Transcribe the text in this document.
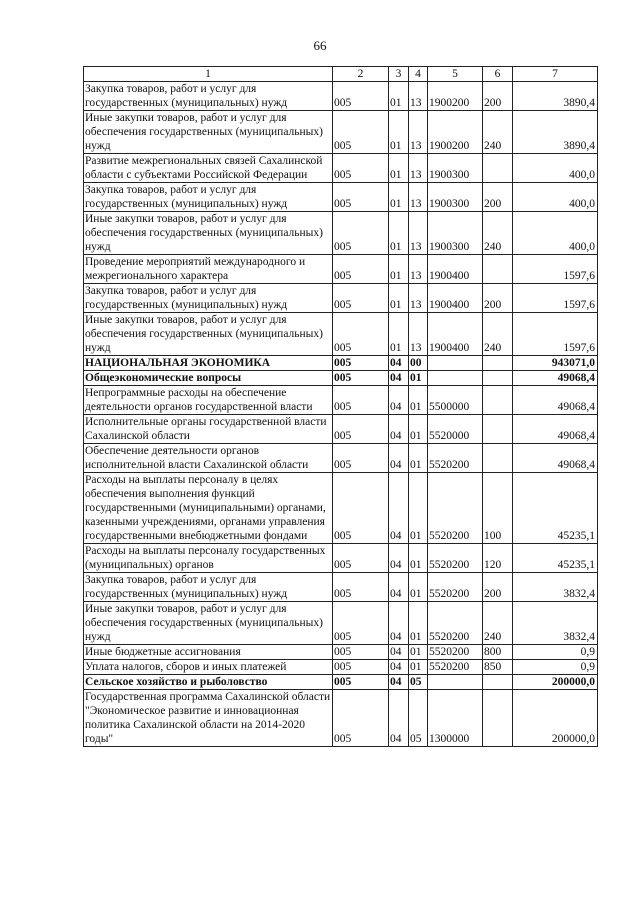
66
1	2	3	4	5	6	7
Закупка товаров, работ и услуг для государственных (муниципальных) нужд	005	01	13	1900200	200	3890,4
Иные закупки товаров, работ и услуг для обеспечения государственных (муниципальных) нужд	005	01	13	1900200	240	3890,4
Развитие межрегиональных связей Сахалинской области с субъектами Российской Федерации	005	01	13	1900300		400,0
Закупка товаров, работ и услуг для государственных (муниципальных) нужд	005	01	13	1900300	200	400,0
Иные закупки товаров, работ и услуг для обеспечения государственных (муниципальных) нужд	005	01	13	1900300	240	400,0
Проведение мероприятий международного и межрегионального характера	005	01	13	1900400		1597,6
Закупка товаров, работ и услуг для государственных (муниципальных) нужд	005	01	13	1900400	200	1597,6
Иные закупки товаров, работ и услуг для обеспечения государственных (муниципальных) нужд	005	01	13	1900400	240	1597,6
НАЦИОНАЛЬНАЯ ЭКОНОМИКА	005	04	00			943071,0
Общеэкономические вопросы	005	04	01			49068,4
Непрограммные расходы на обеспечение деятельности органов государственной власти	005	04	01	5500000		49068,4
Исполнительные органы государственной власти Сахалинской области	005	04	01	5520000		49068,4
Обеспечение деятельности органов исполнительной власти Сахалинской области	005	04	01	5520200		49068,4
Расходы на выплаты персоналу в целях обеспечения выполнения функций государственными (муниципальными) органами, казенными учреждениями, органами управления государственными внебюджетными фондами	005	04	01	5520200	100	45235,1
Расходы на выплаты персоналу государственных (муниципальных) органов	005	04	01	5520200	120	45235,1
Закупка товаров, работ и услуг для государственных (муниципальных) нужд	005	04	01	5520200	200	3832,4
Иные закупки товаров, работ и услуг для обеспечения государственных (муниципальных) нужд	005	04	01	5520200	240	3832,4
Иные бюджетные ассигнования	005	04	01	5520200	800	0,9
Уплата налогов, сборов и иных платежей	005	04	01	5520200	850	0,9
Сельское хозяйство и рыболовство	005	04	05			200000,0
Государственная программа Сахалинской области "Экономическое развитие и инновационная политика Сахалинской области на 2014-2020 годы"	005	04	05	1300000		200000,0
